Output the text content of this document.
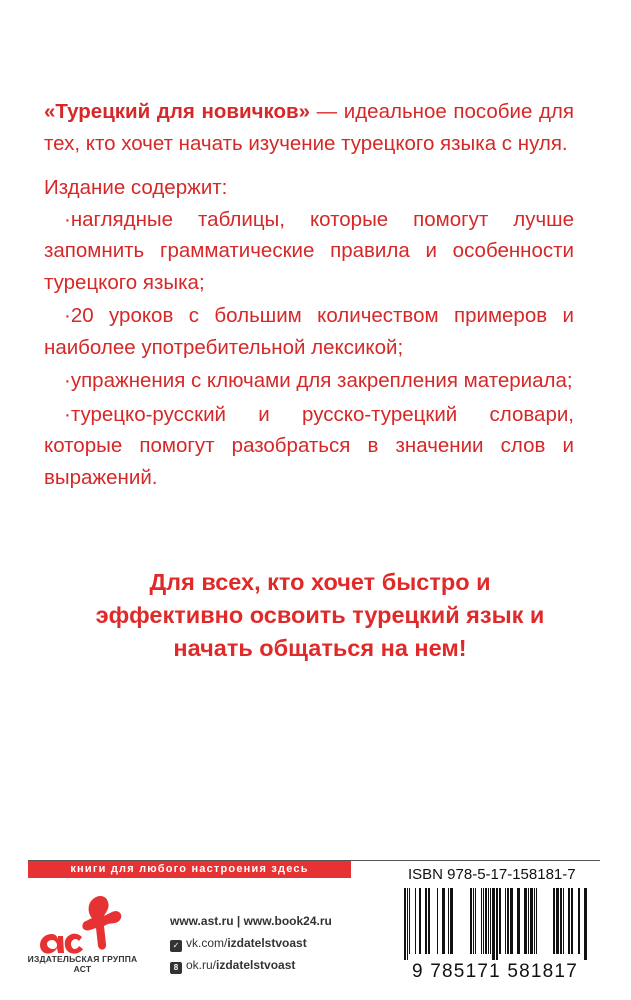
«Турецкий для новичков» — идеальное пособие для тех, кто хочет начать изучение турецкого языка с нуля.

Издание содержит:

·наглядные таблицы, которые помогут лучше запомнить грамматические правила и особенности турецкого языка;

·20 уроков с большим количеством примеров и наиболее употребительной лексикой;

·упражнения с ключами для закрепления материала;

·турецко-русский и русско-турецкий словари, которые помогут разобраться в значении слов и выражений.

Для всех, кто хочет быстро и
эффективно освоить турецкий язык и
начать общаться на нем!
книги для любого настроения здесь
ИЗДАТЕЛЬСКАЯ ГРУППА АСТ
www.ast.ru | www.book24.ru
✓ vk.com/izdatelstvoast
8 ok.ru/izdatelstvoast
ISBN 978-5-17-158181-7
9 785171 581817
